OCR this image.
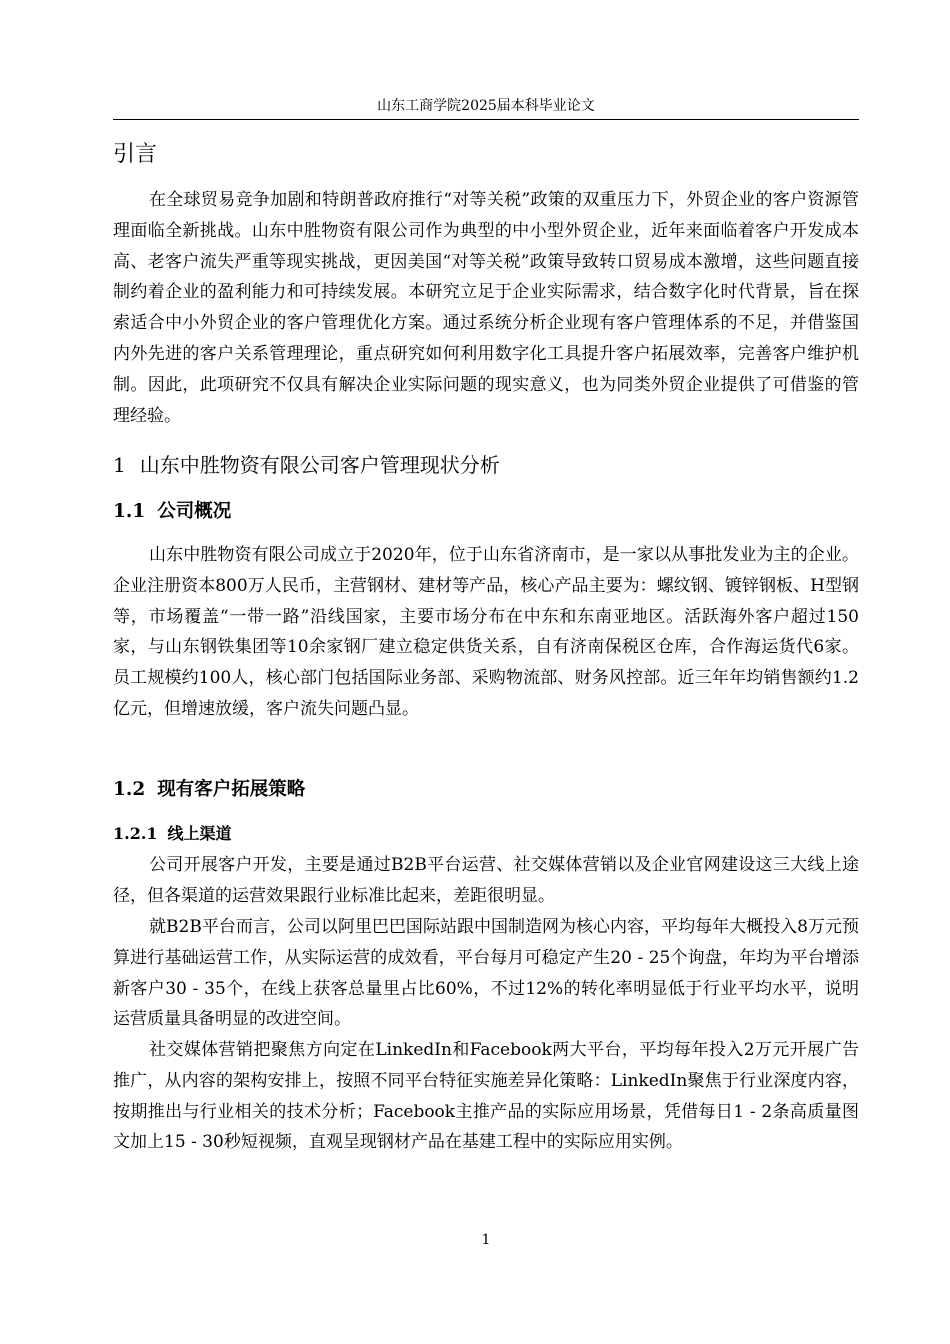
山东工商学院2025届本科毕业论文
引言

在全球贸易竞争加剧和特朗普政府推行“对等关税”政策的双重压力下，外贸企业的客户资源管理面临全新挑战。山东中胜物资有限公司作为典型的中小型外贸企业，近年来面临着客户开发成本高、老客户流失严重等现实挑战，更因美国“对等关税”政策导致转口贸易成本激增，这些问题直接制约着企业的盈利能力和可持续发展。本研究立足于企业实际需求，结合数字化时代背景，旨在探索适合中小外贸企业的客户管理优化方案。通过系统分析企业现有客户管理体系的不足，并借鉴国内外先进的客户关系管理理论，重点研究如何利用数字化工具提升客户拓展效率，完善客户维护机制。因此，此项研究不仅具有解决企业实际问题的现实意义，也为同类外贸企业提供了可借鉴的管理经验。

1 山东中胜物资有限公司客户管理现状分析
1.1 公司概况

山东中胜物资有限公司成立于2020年，位于山东省济南市，是一家以从事批发业为主的企业。企业注册资本800万人民币，主营钢材、建材等产品，核心产品主要为：螺纹钢、镀锌钢板、H型钢等，市场覆盖“一带一路”沿线国家，主要市场分布在中东和东南亚地区。活跃海外客户超过150家，与山东钢铁集团等10余家钢厂建立稳定供货关系，自有济南保税区仓库，合作海运货代6家。员工规模约100人，核心部门包括国际业务部、采购物流部、财务风控部。近三年年均销售额约1.2亿元，但增速放缓，客户流失问题凸显。

1.2 现有客户拓展策略
1.2.1 线上渠道

公司开展客户开发，主要是通过B2B平台运营、社交媒体营销以及企业官网建设这三大线上途径，但各渠道的运营效果跟行业标准比起来，差距很明显。

就B2B平台而言，公司以阿里巴巴国际站跟中国制造网为核心内容，平均每年大概投入8万元预算进行基础运营工作，从实际运营的成效看，平台每月可稳定产生20 - 25个询盘，年均为平台增添新客户30 - 35个，在线上获客总量里占比60%，不过12%的转化率明显低于行业平均水平，说明运营质量具备明显的改进空间。

社交媒体营销把聚焦方向定在LinkedIn和Facebook两大平台，平均每年投入2万元开展广告推广，从内容的架构安排上，按照不同平台特征实施差异化策略：LinkedIn聚焦于行业深度内容，按期推出与行业相关的技术分析；Facebook主推产品的实际应用场景，凭借每日1 - 2条高质量图文加上15 - 30秒短视频，直观呈现钢材产品在基建工程中的实际应用实例。

1
